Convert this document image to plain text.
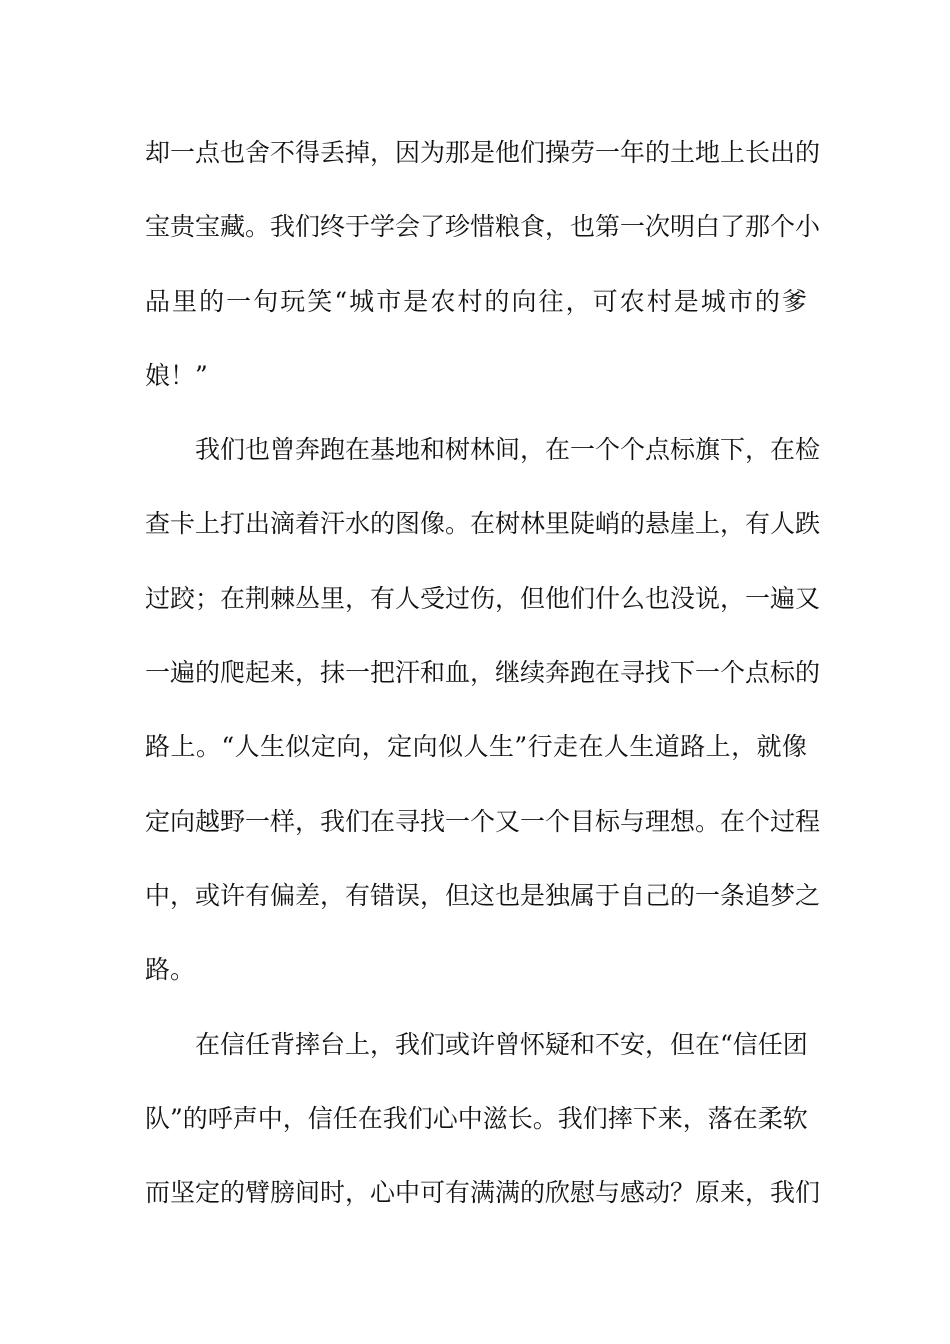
却一点也舍不得丢掉，因为那是他们操劳一年的土地上长出的
宝贵宝藏。我们终于学会了珍惜粮食，也第一次明白了那个小
品里的一句玩笑“城市是农村的向往，可农村是城市的爹
娘！”
我们也曾奔跑在基地和树林间，在一个个点标旗下，在检
查卡上打出滴着汗水的图像。在树林里陡峭的悬崖上，有人跌
过跤；在荆棘丛里，有人受过伤，但他们什么也没说，一遍又
一遍的爬起来，抹一把汗和血，继续奔跑在寻找下一个点标的
路上。“人生似定向，定向似人生”行走在人生道路上，就像
定向越野一样，我们在寻找一个又一个目标与理想。在个过程
中，或许有偏差，有错误，但这也是独属于自己的一条追梦之
路。
在信任背摔台上，我们或许曾怀疑和不安，但在“信任团
队”的呼声中，信任在我们心中滋长。我们摔下来，落在柔软
而坚定的臂膀间时，心中可有满满的欣慰与感动？原来，我们
